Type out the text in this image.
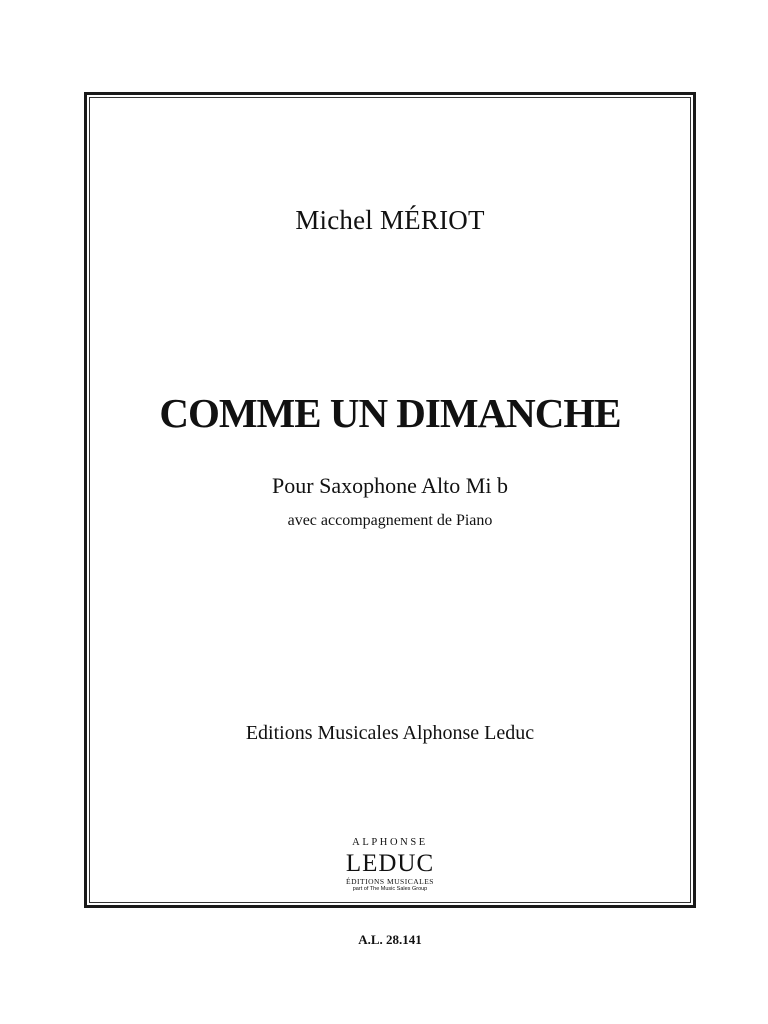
Michel MÉRIOT
COMME UN DIMANCHE
Pour Saxophone Alto Mi b
avec accompagnement de Piano
Editions Musicales Alphonse Leduc
ALPHONSE
LEDUC
ÉDITIONS MUSICALES
part of The Music Sales Group
A.L. 28.141
